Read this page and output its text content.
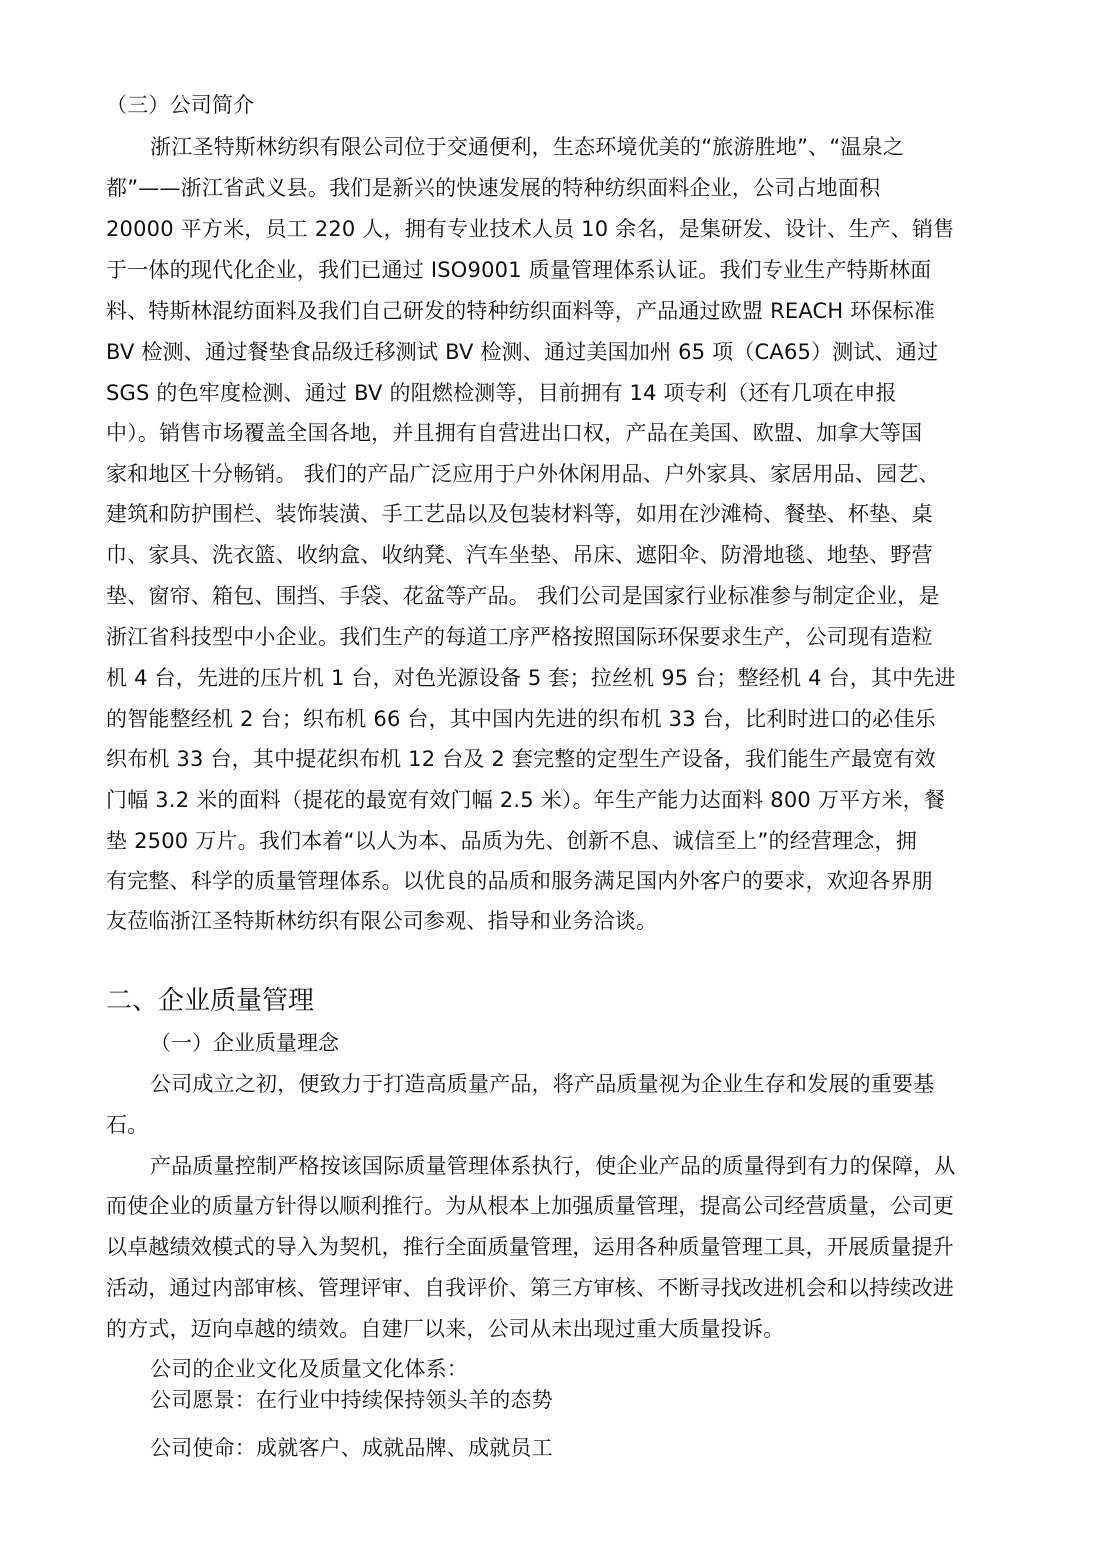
（三）公司简介
浙江圣特斯林纺织有限公司位于交通便利，生态环境优美的“旅游胜地”、“温泉之
都”——浙江省武义县。我们是新兴的快速发展的特种纺织面料企业，公司占地面积
20000 平方米，员工 220 人，拥有专业技术人员 10 余名，是集研发、设计、生产、销售
于一体的现代化企业，我们已通过 ISO9001 质量管理体系认证。我们专业生产特斯林面
料、特斯林混纺面料及我们自己研发的特种纺织面料等，产品通过欧盟 REACH 环保标准
BV 检测、通过餐垫食品级迁移测试 BV 检测、通过美国加州 65 项（CA65）测试、通过
SGS 的色牢度检测、通过 BV 的阻燃检测等，目前拥有 14 项专利（还有几项在申报
中）。销售市场覆盖全国各地，并且拥有自营进出口权，产品在美国、欧盟、加拿大等国
家和地区十分畅销。 我们的产品广泛应用于户外休闲用品、户外家具、家居用品、园艺、
建筑和防护围栏、装饰装潢、手工艺品以及包装材料等，如用在沙滩椅、餐垫、杯垫、桌
巾、家具、洗衣篮、收纳盒、收纳凳、汽车坐垫、吊床、遮阳伞、防滑地毯、地垫、野营
垫、窗帘、箱包、围挡、手袋、花盆等产品。 我们公司是国家行业标准参与制定企业，是
浙江省科技型中小企业。我们生产的每道工序严格按照国际环保要求生产，公司现有造粒
机 4 台，先进的压片机 1 台，对色光源设备 5 套；拉丝机 95 台；整经机 4 台，其中先进
的智能整经机 2 台；织布机 66 台，其中国内先进的织布机 33 台，比利时进口的必佳乐
织布机 33 台，其中提花织布机 12 台及 2 套完整的定型生产设备，我们能生产最宽有效
门幅 3.2 米的面料（提花的最宽有效门幅 2.5 米）。年生产能力达面料 800 万平方米，餐
垫 2500 万片。我们本着“以人为本、品质为先、创新不息、诚信至上”的经营理念，拥
有完整、科学的质量管理体系。以优良的品质和服务满足国内外客户的要求，欢迎各界朋
友莅临浙江圣特斯林纺织有限公司参观、指导和业务洽谈。
二、企业质量管理
（一）企业质量理念
公司成立之初，便致力于打造高质量产品，将产品质量视为企业生存和发展的重要基
石。
产品质量控制严格按该国际质量管理体系执行，使企业产品的质量得到有力的保障，从
而使企业的质量方针得以顺利推行。为从根本上加强质量管理，提高公司经营质量，公司更
以卓越绩效模式的导入为契机，推行全面质量管理，运用各种质量管理工具，开展质量提升
活动，通过内部审核、管理评审、自我评价、第三方审核、不断寻找改进机会和以持续改进
的方式，迈向卓越的绩效。自建厂以来，公司从未出现过重大质量投诉。
公司的企业文化及质量文化体系：
公司愿景：在行业中持续保持领头羊的态势
公司使命：成就客户、成就品牌、成就员工
